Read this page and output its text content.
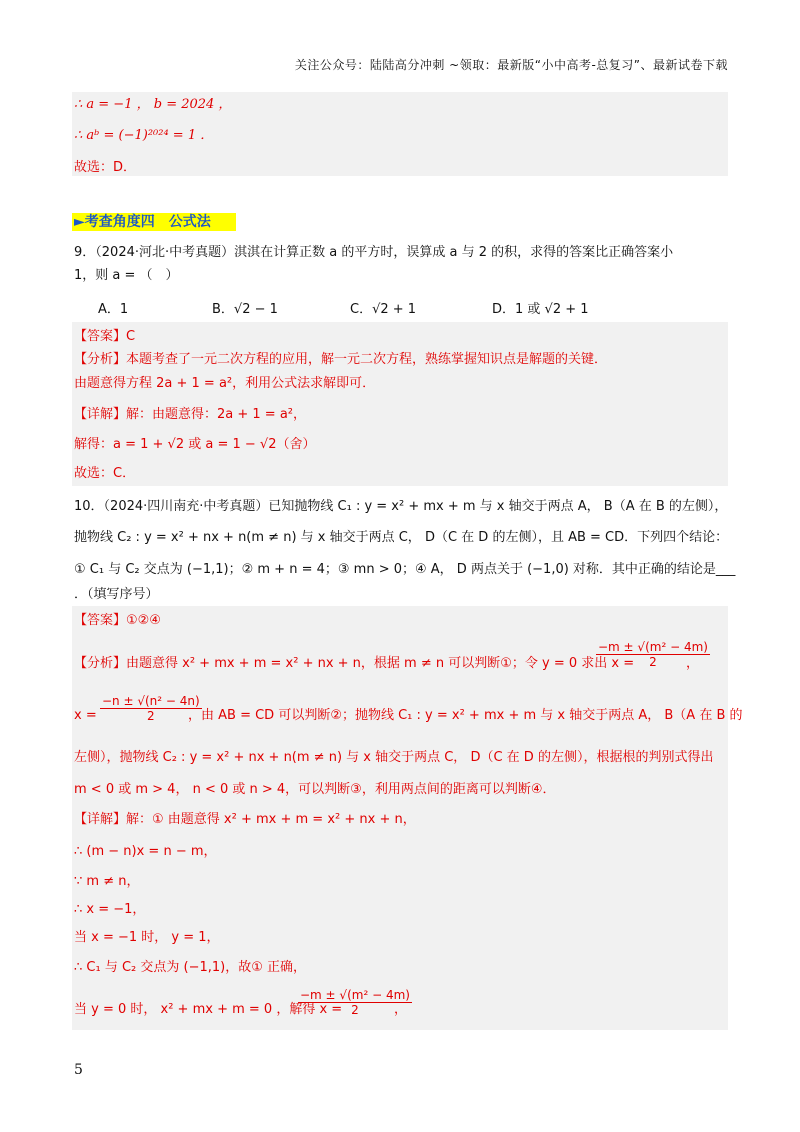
关注公众号：陆陆高分冲刺 ~领取：最新版“小中高考-总复习”、最新试卷下载
∴ a = −1 ， b = 2024 ，
∴ aᵇ = (−1)²⁰²⁴ = 1 ．
故选：D．
►考查角度四　公式法
9．（2024·河北·中考真题）淇淇在计算正数 a 的平方时，误算成 a 与 2 的积，求得的答案比正确答案小
1，则 a = （　）
A．1	B．√2 − 1	C．√2 + 1	D．1 或 √2 + 1
【答案】C
【分析】本题考查了一元二次方程的应用，解一元二次方程，熟练掌握知识点是解题的关键．
由题意得方程 2a + 1 = a²，利用公式法求解即可．
【详解】解：由题意得：2a + 1 = a²，
解得：a = 1 + √2 或 a = 1 − √2（舍）
故选：C．
10．（2024·四川南充·中考真题）已知抛物线 C₁ : y = x² + mx + m 与 x 轴交于两点 A， B（A 在 B 的左侧），
抛物线 C₂ : y = x² + nx + n(m ≠ n) 与 x 轴交于两点 C， D（C 在 D 的左侧），且 AB = CD．下列四个结论：
① C₁ 与 C₂ 交点为 (−1,1)；② m + n = 4；③ mn > 0；④ A， D 两点关于 (−1,0) 对称．其中正确的结论是___
．（填写序号）
【答案】①②④
【分析】由题意得 x² + mx + m = x² + nx + n，根据 m ≠ n 可以判断①；令 y = 0 求出 x =
$\frac{\text{−m ± √(m² − 4m)}}{2}$
，
$x = \frac{\text{−n ± √(n² − 4n)}}{2}$
，由 AB = CD 可以判断②；抛物线 C₁ : y = x² + mx + m 与 x 轴交于两点 A， B（A 在 B 的
左侧），抛物线 C₂ : y = x² + nx + n(m ≠ n) 与 x 轴交于两点 C， D（C 在 D 的左侧），根据根的判别式得出
m < 0 或 m > 4， n < 0 或 n > 4，可以判断③，利用两点间的距离可以判断④．
【详解】解：① 由题意得 x² + mx + m = x² + nx + n，
∴ (m − n)x = n − m，
∵ m ≠ n，
∴ x = −1，
当 x = −1 时， y = 1，
∴ C₁ 与 C₂ 交点为 (−1,1)，故① 正确，
当 y = 0 时， x² + mx + m = 0 ，解得 x =
$\frac{\text{−m ± √(m² − 4m)}}{2}$
，
5
